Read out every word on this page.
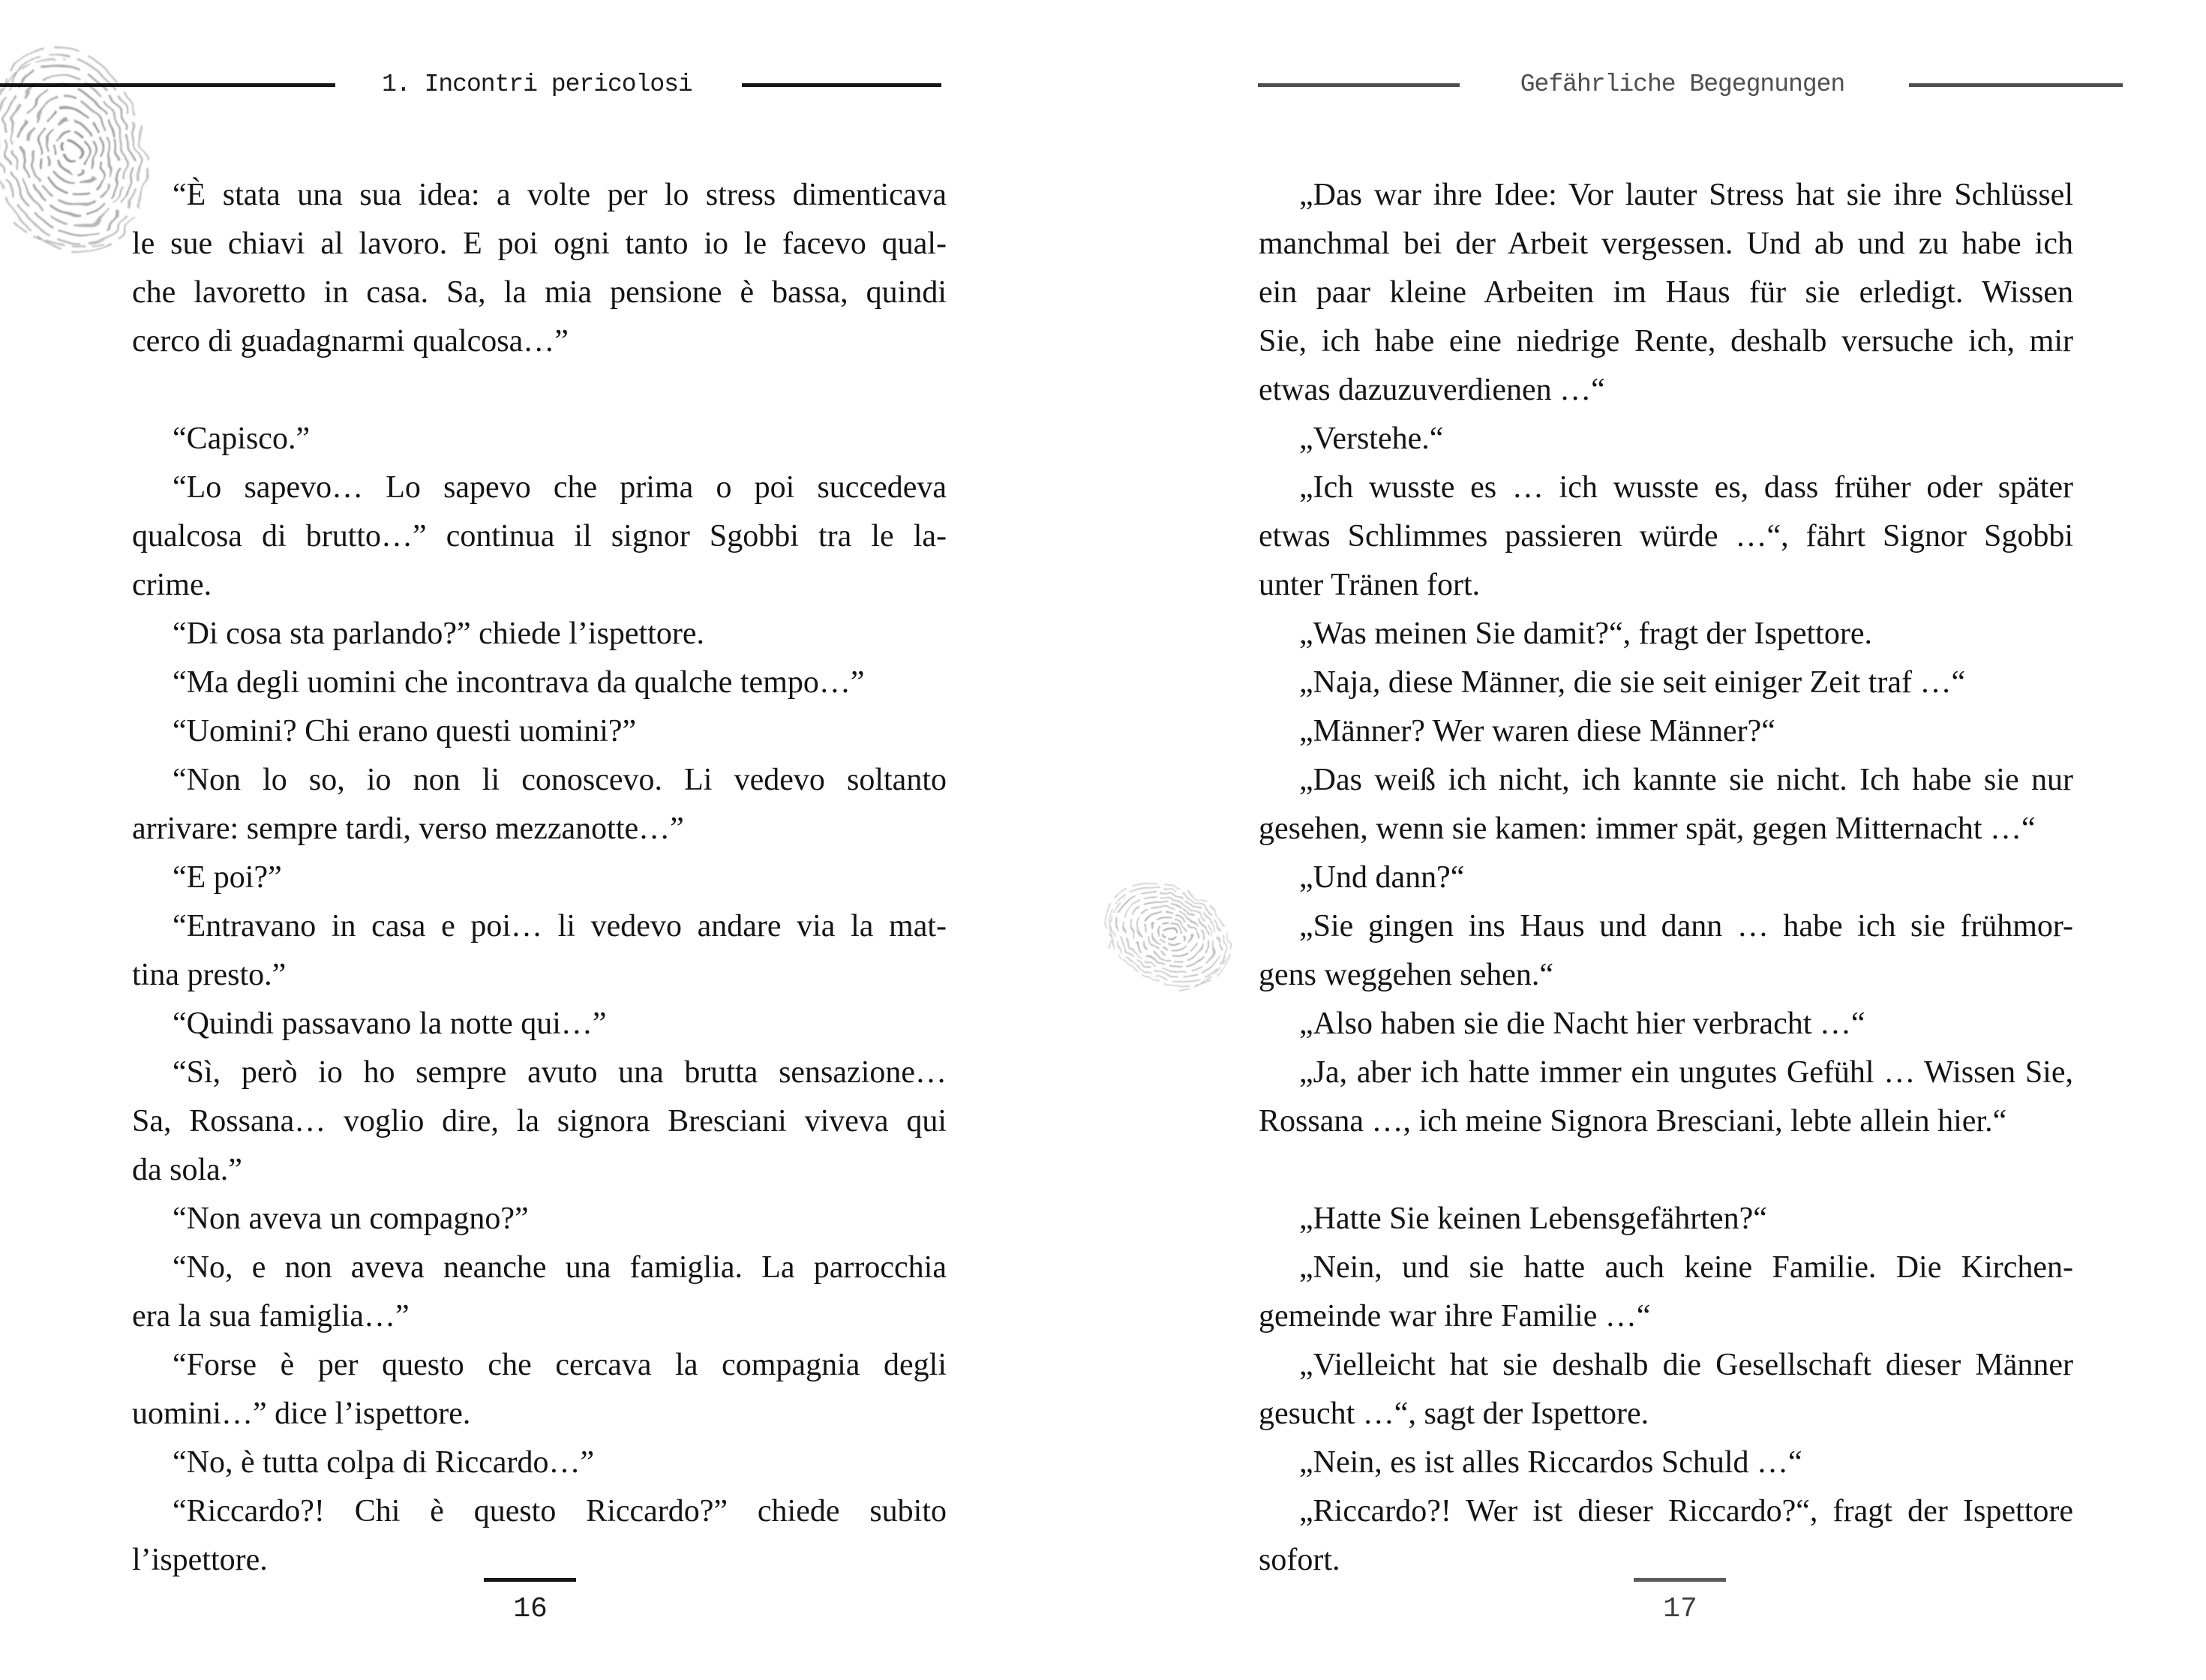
1. Incontri pericolosi	Gefährliche Begegnungen
“È stata una sua idea: a volte per lo stress dimenticava
le sue chiavi al lavoro. E poi ogni tanto io le facevo qual-
che lavoretto in casa. Sa, la mia pensione è bassa, quindi
cerco di guadagnarmi qualcosa…”
“Capisco.”
“Lo sapevo… Lo sapevo che prima o poi succedeva
qualcosa di brutto…” continua il signor Sgobbi tra le la-
crime.
“Di cosa sta parlando?” chiede l’ispettore.
“Ma degli uomini che incontrava da qualche tempo…”
“Uomini? Chi erano questi uomini?”
“Non lo so, io non li conoscevo. Li vedevo soltanto
arrivare: sempre tardi, verso mezzanotte…”
“E poi?”
“Entravano in casa e poi… li vedevo andare via la mat-
tina presto.”
“Quindi passavano la notte qui…”
“Sì, però io ho sempre avuto una brutta sensazione…
Sa, Rossana… voglio dire, la signora Bresciani viveva qui
da sola.”
“Non aveva un compagno?”
“No, e non aveva neanche una famiglia. La parrocchia
era la sua famiglia…”
“Forse è per questo che cercava la compagnia degli
uomini…” dice l’ispettore.
“No, è tutta colpa di Riccardo…”
“Riccardo?! Chi è questo Riccardo?” chiede subito
l’ispettore.
„Das war ihre Idee: Vor lauter Stress hat sie ihre Schlüssel
manchmal bei der Arbeit vergessen. Und ab und zu habe ich
ein paar kleine Arbeiten im Haus für sie erledigt. Wissen
Sie, ich habe eine niedrige Rente, deshalb versuche ich, mir
etwas dazuzuverdienen …“
„Verstehe.“
„Ich wusste es … ich wusste es, dass früher oder später
etwas Schlimmes passieren würde …“, fährt Signor Sgobbi
unter Tränen fort.
„Was meinen Sie damit?“, fragt der Ispettore.
„Naja, diese Männer, die sie seit einiger Zeit traf …“
„Männer? Wer waren diese Männer?“
„Das weiß ich nicht, ich kannte sie nicht. Ich habe sie nur
gesehen, wenn sie kamen: immer spät, gegen Mitternacht …“
„Und dann?“
„Sie gingen ins Haus und dann … habe ich sie frühmor-
gens weggehen sehen.“
„Also haben sie die Nacht hier verbracht …“
„Ja, aber ich hatte immer ein ungutes Gefühl … Wissen Sie,
Rossana …, ich meine Signora Bresciani, lebte allein hier.“
„Hatte Sie keinen Lebensgefährten?“
„Nein, und sie hatte auch keine Familie. Die Kirchen-
gemeinde war ihre Familie …“
„Vielleicht hat sie deshalb die Gesellschaft dieser Männer
gesucht …“, sagt der Ispettore.
„Nein, es ist alles Riccardos Schuld …“
„Riccardo?! Wer ist dieser Riccardo?“, fragt der Ispettore
sofort.
16	17
